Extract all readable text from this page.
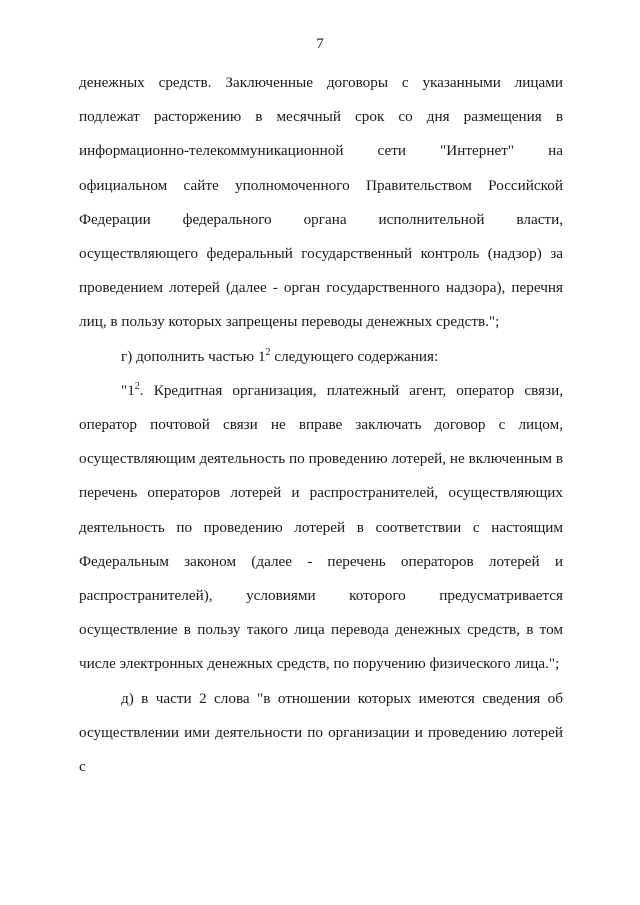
7

денежных средств. Заключенные договоры с указанными лицами подлежат расторжению в месячный срок со дня размещения в информационно-телекоммуникационной сети "Интернет" на официальном сайте уполномоченного Правительством Российской Федерации федерального органа исполнительной власти, осуществляющего федеральный государственный контроль (надзор) за проведением лотерей (далее - орган государственного надзора), перечня лиц, в пользу которых запрещены переводы денежных средств.";

г) дополнить частью $1^2$ следующего содержания:

"$1^2$. Кредитная организация, платежный агент, оператор связи, оператор почтовой связи не вправе заключать договор с лицом, осуществляющим деятельность по проведению лотерей, не включенным в перечень операторов лотерей и распространителей, осуществляющих деятельность по проведению лотерей в соответствии с настоящим Федеральным законом (далее - перечень операторов лотерей и распространителей), условиями которого предусматривается осуществление в пользу такого лица перевода денежных средств, в том числе электронных денежных средств, по поручению физического лица.";

д) в части 2 слова "в отношении которых имеются сведения об осуществлении ими деятельности по организации и проведению лотерей с
